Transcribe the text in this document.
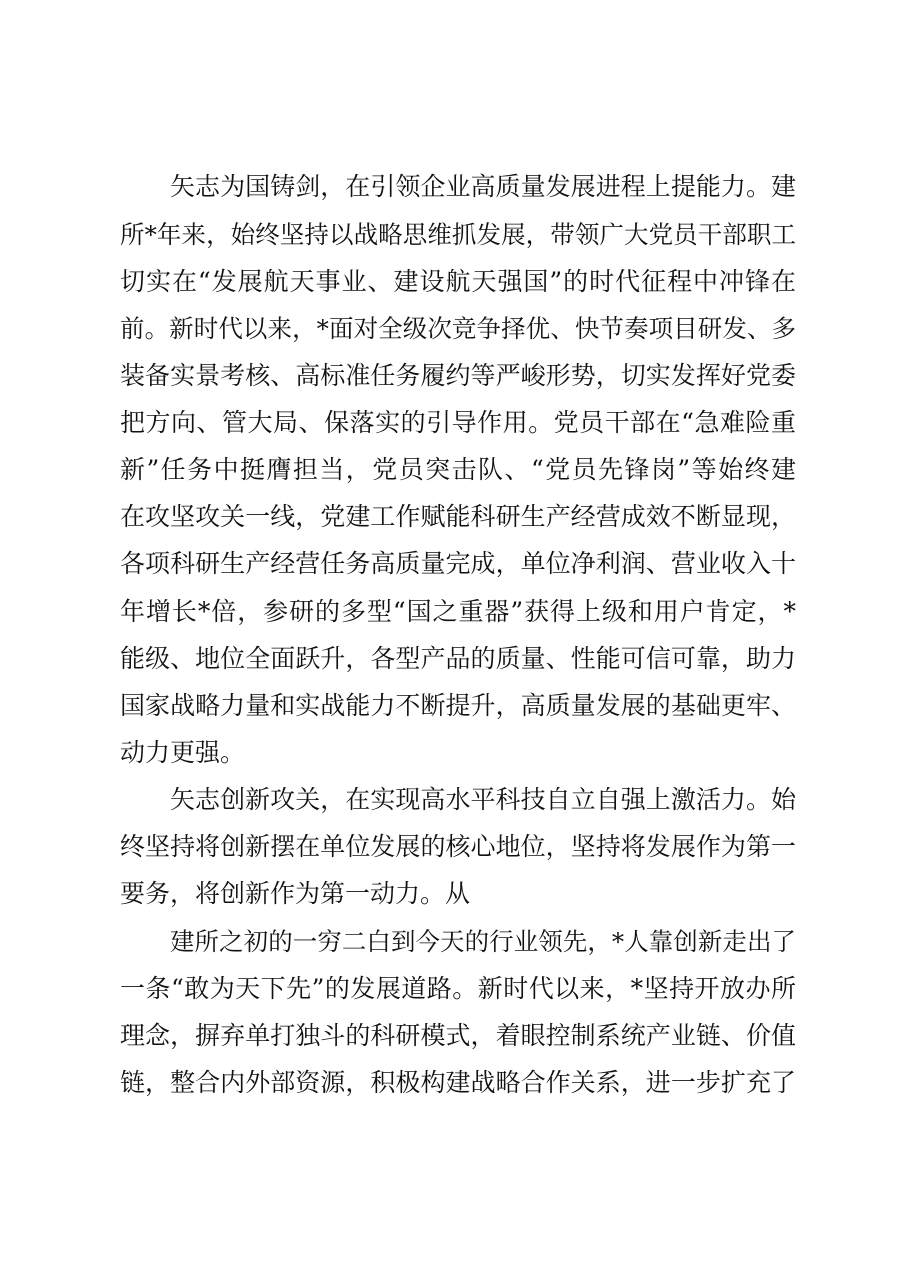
矢志为国铸剑，在引领企业高质量发展进程上提能力。建
所*年来，始终坚持以战略思维抓发展，带领广大党员干部职工
切实在“发展航天事业、建设航天强国”的时代征程中冲锋在
前。新时代以来，*面对全级次竞争择优、快节奏项目研发、多
装备实景考核、高标准任务履约等严峻形势，切实发挥好党委
把方向、管大局、保落实的引导作用。党员干部在“急难险重
新”任务中挺膺担当，党员突击队、“党员先锋岗”等始终建
在攻坚攻关一线，党建工作赋能科研生产经营成效不断显现，
各项科研生产经营任务高质量完成，单位净利润、营业收入十
年增长*倍，参研的多型“国之重器”获得上级和用户肯定，*
能级、地位全面跃升，各型产品的质量、性能可信可靠，助力
国家战略力量和实战能力不断提升，高质量发展的基础更牢、
动力更强。
矢志创新攻关，在实现高水平科技自立自强上激活力。始
终坚持将创新摆在单位发展的核心地位，坚持将发展作为第一
要务，将创新作为第一动力。从
建所之初的一穷二白到今天的行业领先，*人靠创新走出了
一条“敢为天下先”的发展道路。新时代以来，*坚持开放办所
理念，摒弃单打独斗的科研模式，着眼控制系统产业链、价值
链，整合内外部资源，积极构建战略合作关系，进一步扩充了
